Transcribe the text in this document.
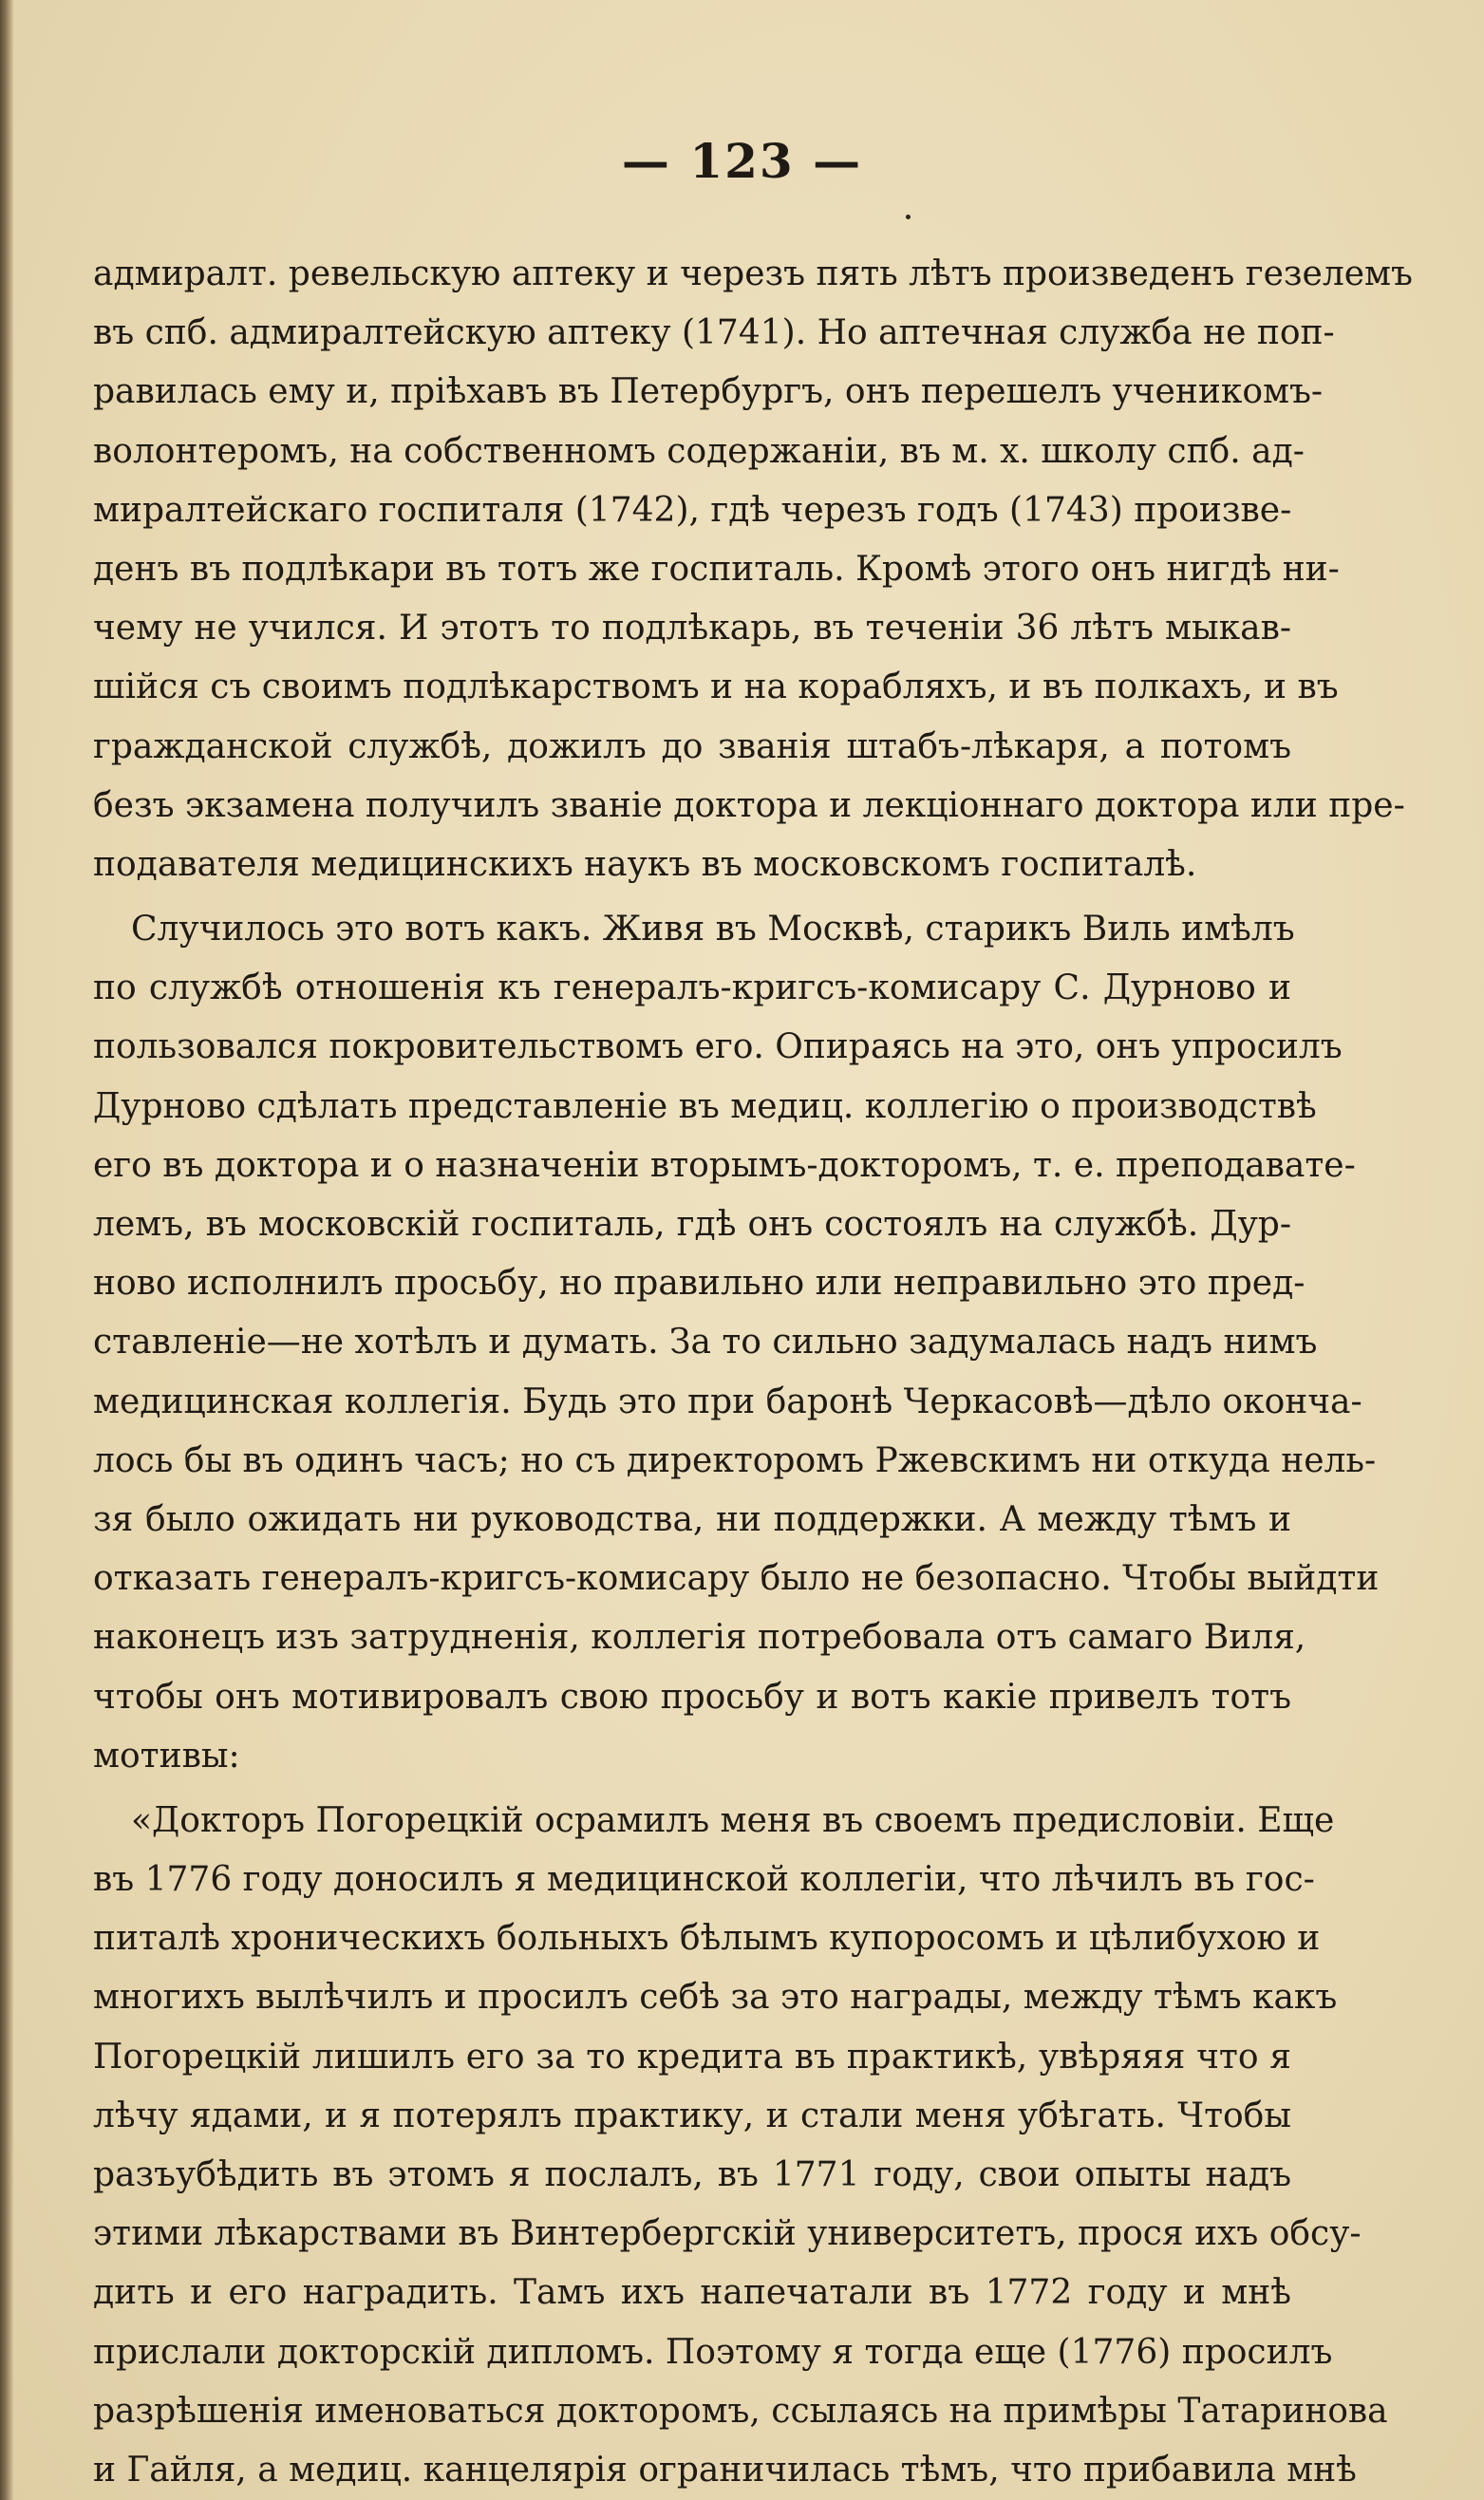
— 123 —
адмиралт. ревельскую аптеку и черезъ пять лѣтъ произведенъ гезелемъ
въ спб. адмиралтейскую аптеку (1741). Но аптечная служба не поп-
равилась ему и, пріѣхавъ въ Петербургъ, онъ перешелъ ученикомъ-
волонтеромъ, на собственномъ содержаніи, въ м. х. школу спб. ад-
миралтейскаго госпиталя (1742), гдѣ черезъ годъ (1743) произве-
денъ въ подлѣкари въ тотъ же госпиталь. Кромѣ этого онъ нигдѣ ни-
чему не учился. И этотъ то подлѣкарь, въ теченіи 36 лѣтъ мыкав-
шійся съ своимъ подлѣкарствомъ и на корабляхъ, и въ полкахъ, и въ
гражданской службѣ, дожилъ до званія штабъ-лѣкаря, а потомъ
безъ экзамена получилъ званіе доктора и лекціоннаго доктора или пре-
подавателя медицинскихъ наукъ въ московскомъ госпиталѣ.
Случилось это вотъ какъ. Живя въ Москвѣ, старикъ Виль имѣлъ
по службѣ отношенія къ генералъ-кригсъ-комисару С. Дурново и
пользовался покровительствомъ его. Опираясь на это, онъ упросилъ
Дурново сдѣлать представленіе въ медиц. коллегію о производствѣ
его въ доктора и о назначеніи вторымъ-докторомъ, т. е. преподавате-
лемъ, въ московскій госпиталь, гдѣ онъ состоялъ на службѣ. Дур-
ново исполнилъ просьбу, но правильно или неправильно это пред-
ставленіе—не хотѣлъ и думать. За то сильно задумалась надъ нимъ
медицинская коллегія. Будь это при баронѣ Черкасовѣ—дѣло оконча-
лось бы въ одинъ часъ; но съ директоромъ Ржевскимъ ни откуда нель-
зя было ожидать ни руководства, ни поддержки. А между тѣмъ и
отказать генералъ-кригсъ-комисару было не безопасно. Чтобы выйдти
наконецъ изъ затрудненія, коллегія потребовала отъ самаго Виля,
чтобы онъ мотивировалъ свою просьбу и вотъ какіе привелъ тотъ
мотивы:
«Докторъ Погорецкій осрамилъ меня въ своемъ предисловіи. Еще
въ 1776 году доносилъ я медицинской коллегіи, что лѣчилъ въ гос-
питалѣ хроническихъ больныхъ бѣлымъ купоросомъ и цѣлибухою и
многихъ вылѣчилъ и просилъ себѣ за это награды, между тѣмъ какъ
Погорецкій лишилъ его за то кредита въ практикѣ, увѣряяя что я
лѣчу ядами, и я потерялъ практику, и стали меня убѣгать. Чтобы
разъубѣдить въ этомъ я послалъ, въ 1771 году, свои опыты надъ
этими лѣкарствами въ Винтербергскій университетъ, прося ихъ обсу-
дить и его наградить. Тамъ ихъ напечатали въ 1772 году и мнѣ
прислали докторскій дипломъ. Поэтому я тогда еще (1776) просилъ
разрѣшенія именоваться докторомъ, ссылаясь на примѣры Татаринова
и Гайля, а медиц. канцелярія ограничилась тѣмъ, что прибавила мнѣ
